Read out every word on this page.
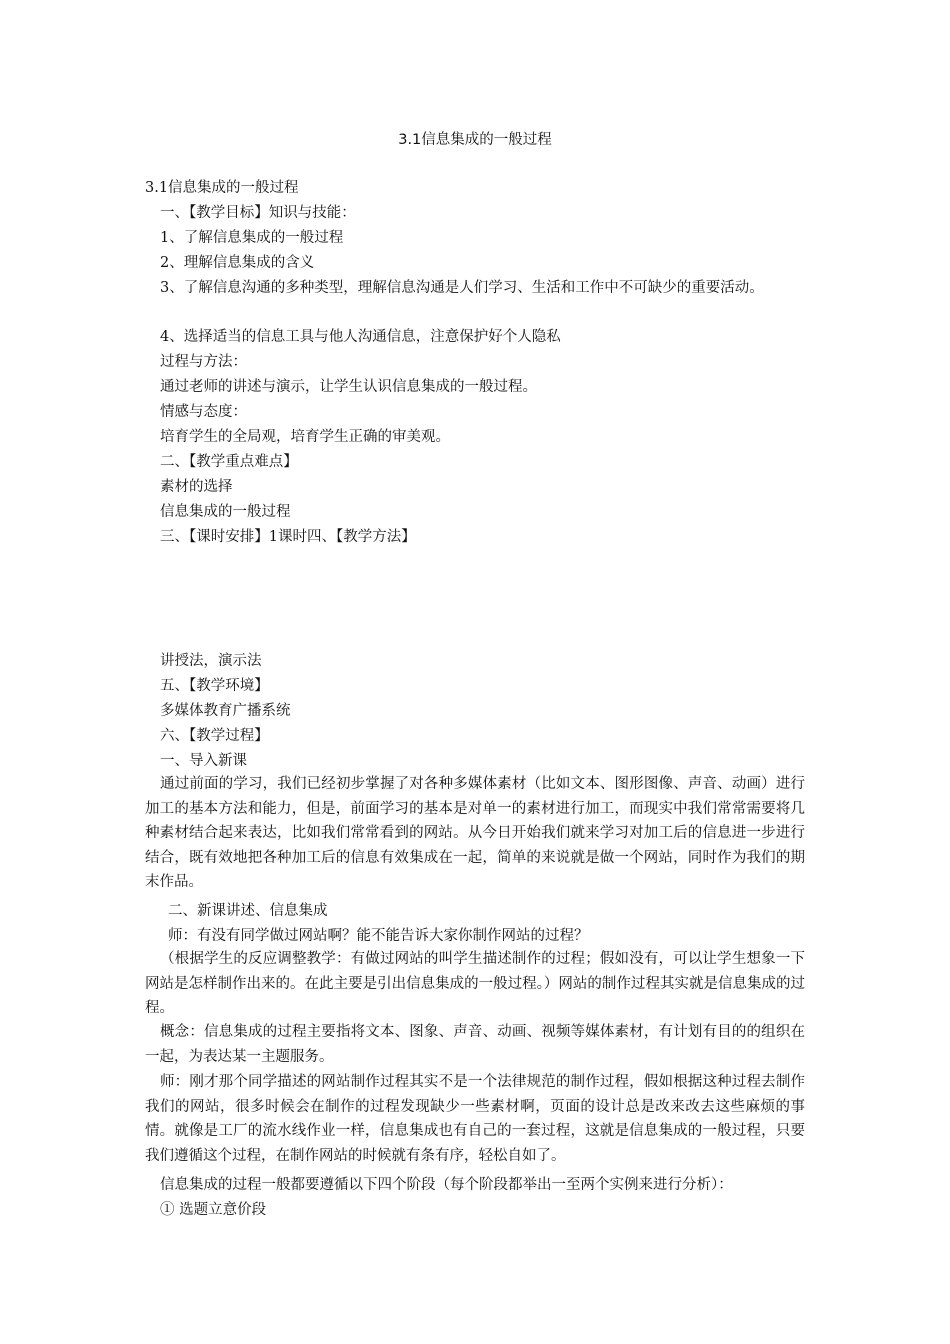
3.1信息集成的一般过程
3.1信息集成的一般过程
一、【教学目标】知识与技能：
1、了解信息集成的一般过程
2、理解信息集成的含义
3、了解信息沟通的多种类型，理解信息沟通是人们学习、生活和工作中不可缺少的重要活动。
4、选择适当的信息工具与他人沟通信息，注意保护好个人隐私
过程与方法：
通过老师的讲述与演示，让学生认识信息集成的一般过程。
情感与态度：
培育学生的全局观，培育学生正确的审美观。
二、【教学重点难点】
素材的选择
信息集成的一般过程
三、【课时安排】1课时四、【教学方法】
讲授法，演示法
五、【教学环境】
多媒体教育广播系统
六、【教学过程】
一、导入新课
通过前面的学习，我们已经初步掌握了对各种多媒体素材（比如文本、图形图像、声音、动画）进行加工的基本方法和能力，但是，前面学习的基本是对单一的素材进行加工，而现实中我们常常需要将几种素材结合起来表达，比如我们常常看到的网站。从今日开始我们就来学习对加工后的信息进一步进行结合，既有效地把各种加工后的信息有效集成在一起，简单的来说就是做一个网站，同时作为我们的期末作品。
二、新课讲述、信息集成
师：有没有同学做过网站啊？能不能告诉大家你制作网站的过程？
（根据学生的反应调整教学：有做过网站的叫学生描述制作的过程；假如没有，可以让学生想象一下网站是怎样制作出来的。在此主要是引出信息集成的一般过程。）网站的制作过程其实就是信息集成的过程。
概念：信息集成的过程主要指将文本、图象、声音、动画、视频等媒体素材，有计划有目的的组织在一起，为表达某一主题服务。
师：刚才那个同学描述的网站制作过程其实不是一个法律规范的制作过程，假如根据这种过程去制作我们的网站，很多时候会在制作的过程发现缺少一些素材啊，页面的设计总是改来改去这些麻烦的事情。就像是工厂的流水线作业一样，信息集成也有自己的一套过程，这就是信息集成的一般过程，只要我们遵循这个过程，在制作网站的时候就有条有序，轻松自如了。
信息集成的过程一般都要遵循以下四个阶段（每个阶段都举出一至两个实例来进行分析）：
① 选题立意价段
